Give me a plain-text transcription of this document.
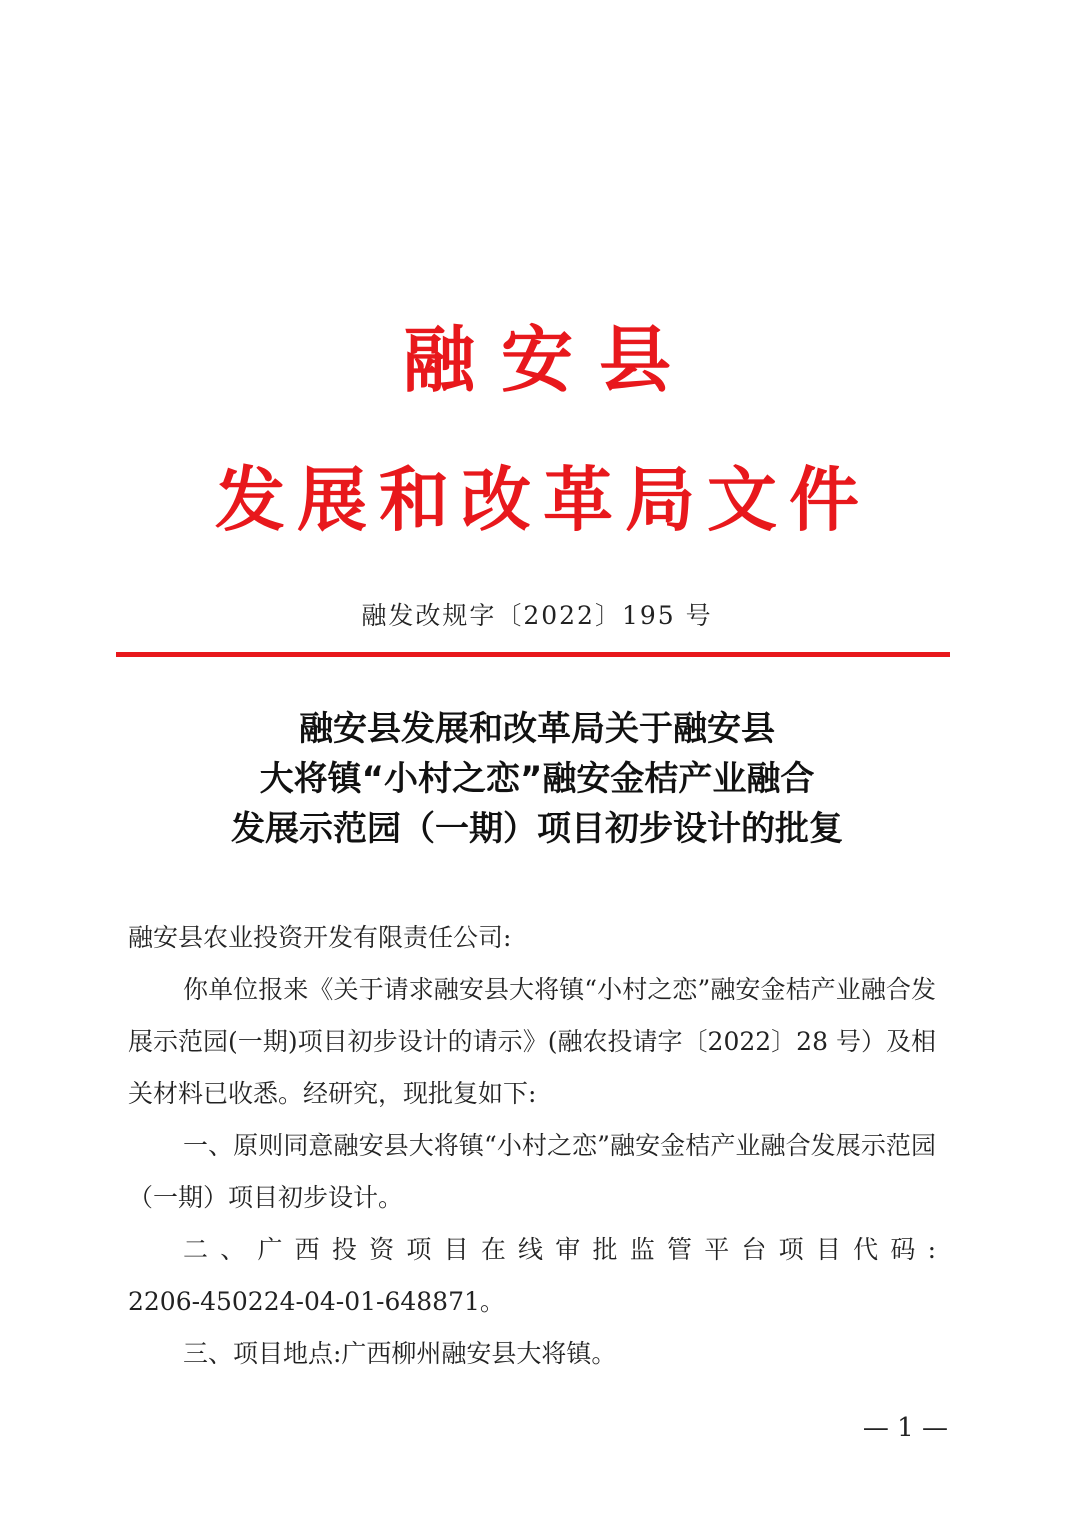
融安县
发展和改革局文件
融发改规字〔2022〕195 号
融安县发展和改革局关于融安县
大将镇“小村之恋”融安金桔产业融合
发展示范园（一期）项目初步设计的批复

融安县农业投资开发有限责任公司:

你单位报来《关于请求融安县大将镇“小村之恋”融安金桔产业融合发展示范园(一期)项目初步设计的请示》(融农投请字〔2022〕28 号）及相关材料已收悉。经研究，现批复如下:

一、原则同意融安县大将镇“小村之恋”融安金桔产业融合发展示范园（一期）项目初步设计。

二、广西投资项目在线审批监管平台项目代码:

2206-450224-04-01-648871。

三、项目地点:广西柳州融安县大将镇。

— 1 —
